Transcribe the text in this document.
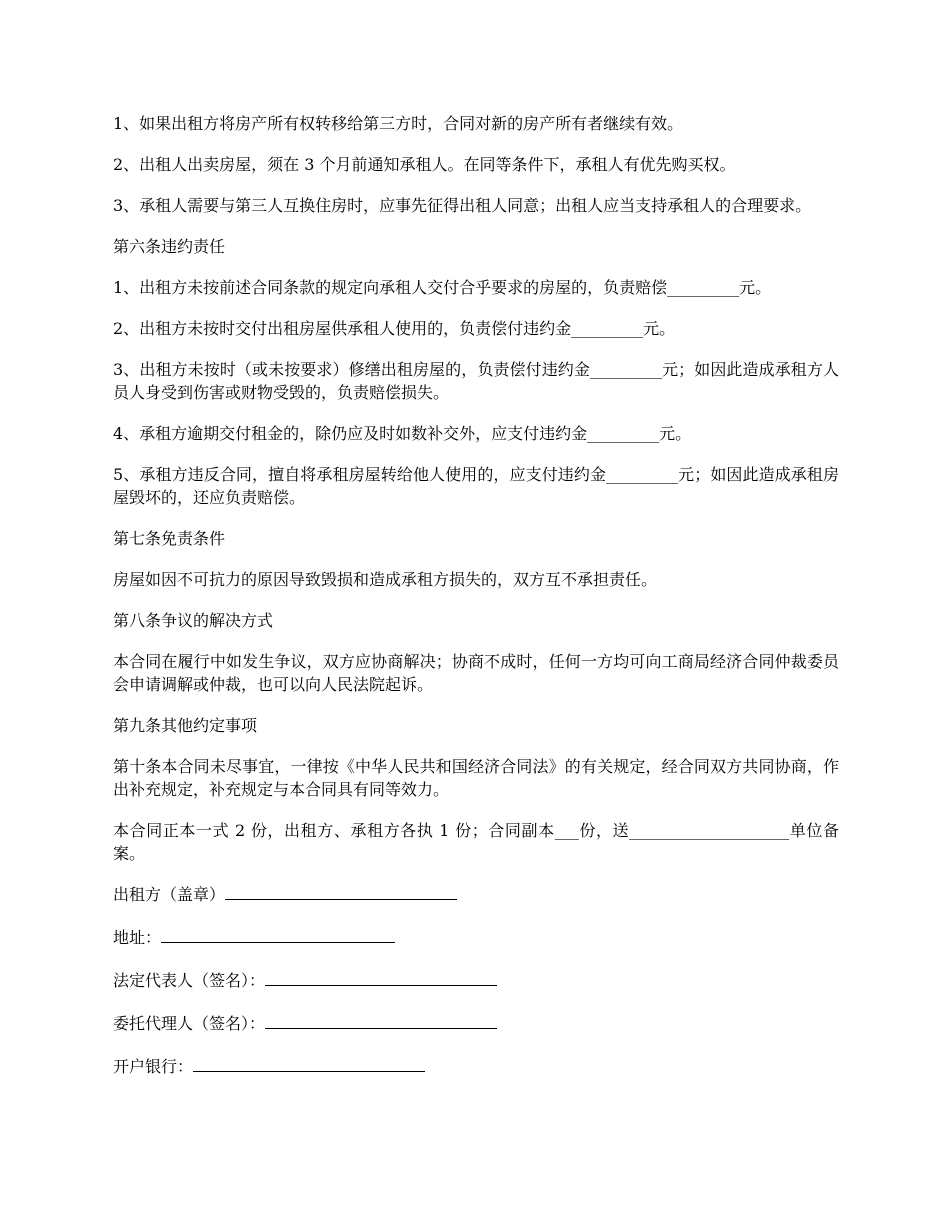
1、如果出租方将房产所有权转移给第三方时，合同对新的房产所有者继续有效。

2、出租人出卖房屋，须在 3 个月前通知承租人。在同等条件下，承租人有优先购买权。

3、承租人需要与第三人互换住房时，应事先征得出租人同意；出租人应当支持承租人的合理要求。

第六条违约责任

1、出租方未按前述合同条款的规定向承租人交付合乎要求的房屋的，负责赔偿_________元。

2、出租方未按时交付出租房屋供承租人使用的，负责偿付违约金_________元。

3、出租方未按时（或未按要求）修缮出租房屋的，负责偿付违约金_________元；如因此造成承租方人员人身受到伤害或财物受毁的，负责赔偿损失。

4、承租方逾期交付租金的，除仍应及时如数补交外，应支付违约金_________元。

5、承租方违反合同，擅自将承租房屋转给他人使用的，应支付违约金_________元；如因此造成承租房屋毁坏的，还应负责赔偿。

第七条免责条件

房屋如因不可抗力的原因导致毁损和造成承租方损失的，双方互不承担责任。

第八条争议的解决方式

本合同在履行中如发生争议，双方应协商解决；协商不成时，任何一方均可向工商局经济合同仲裁委员会申请调解或仲裁，也可以向人民法院起诉。

第九条其他约定事项

第十条本合同未尽事宜，一律按《中华人民共和国经济合同法》的有关规定，经合同双方共同协商，作出补充规定，补充规定与本合同具有同等效力。

本合同正本一式 2 份，出租方、承租方各执 1 份；合同副本___份，送____________________单位备案。

出租方（盖章）
地址：
法定代表人（签名）：
委托代理人（签名）：
开户银行：
